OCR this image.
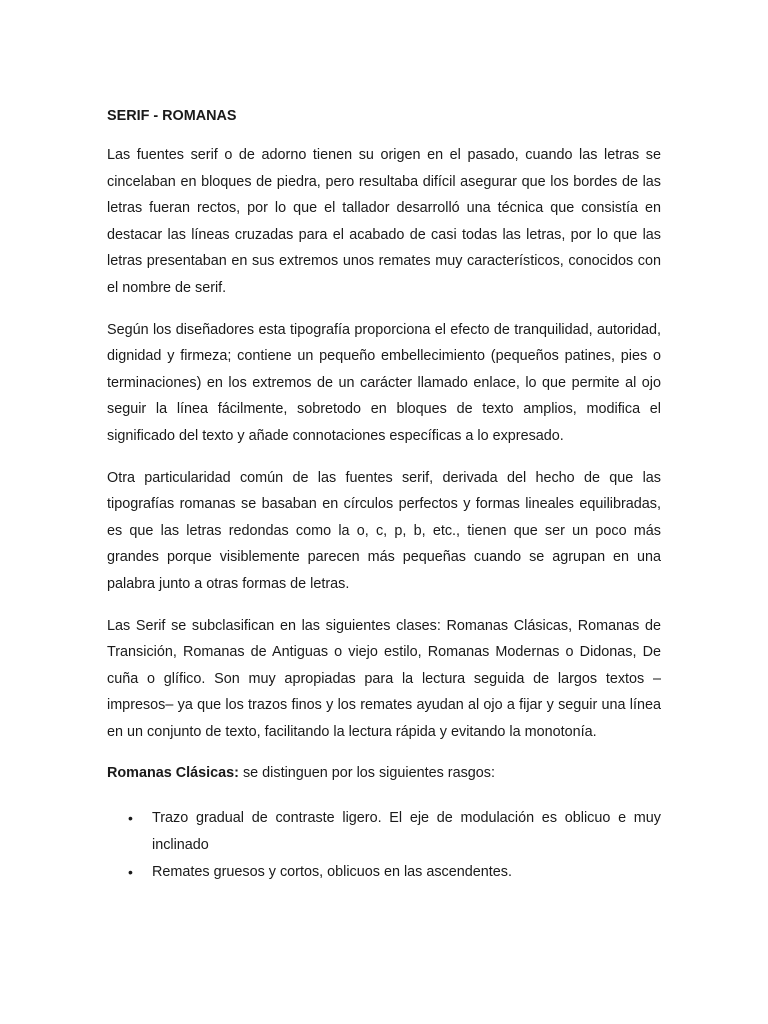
SERIF - ROMANAS

Las fuentes serif o de adorno tienen su origen en el pasado, cuando las letras se cincelaban en bloques de piedra, pero resultaba difícil asegurar que los bordes de las letras fueran rectos, por lo que el tallador desarrolló una técnica que consistía en destacar las líneas cruzadas para el acabado de casi todas las letras, por lo que las letras presentaban en sus extremos unos remates muy característicos, conocidos con el nombre de serif.

Según los diseñadores esta tipografía proporciona el efecto de tranquilidad, autoridad, dignidad y firmeza; contiene un pequeño embellecimiento (pequeños patines, pies o terminaciones) en los extremos de un carácter llamado enlace, lo que permite al ojo seguir la línea fácilmente, sobretodo en bloques de texto amplios, modifica el significado del texto y añade connotaciones específicas a lo expresado.

Otra particularidad común de las fuentes serif, derivada del hecho de que las tipografías romanas se basaban en círculos perfectos y formas lineales equilibradas, es que las letras redondas como la o, c, p, b, etc., tienen que ser un poco más grandes porque visiblemente parecen más pequeñas cuando se agrupan en una palabra junto a otras formas de letras.

Las Serif se subclasifican en las siguientes clases: Romanas Clásicas, Romanas de Transición, Romanas de Antiguas o viejo estilo, Romanas Modernas o Didonas, De cuña o glífico. Son muy apropiadas para la lectura seguida de largos textos – impresos– ya que los trazos finos y los remates ayudan al ojo a fijar y seguir una línea en un conjunto de texto, facilitando la lectura rápida y evitando la monotonía.

Romanas Clásicas: se distinguen por los siguientes rasgos:

• Trazo gradual de contraste ligero. El eje de modulación es oblicuo e muy inclinado
• Remates gruesos y cortos, oblicuos en las ascendentes.
